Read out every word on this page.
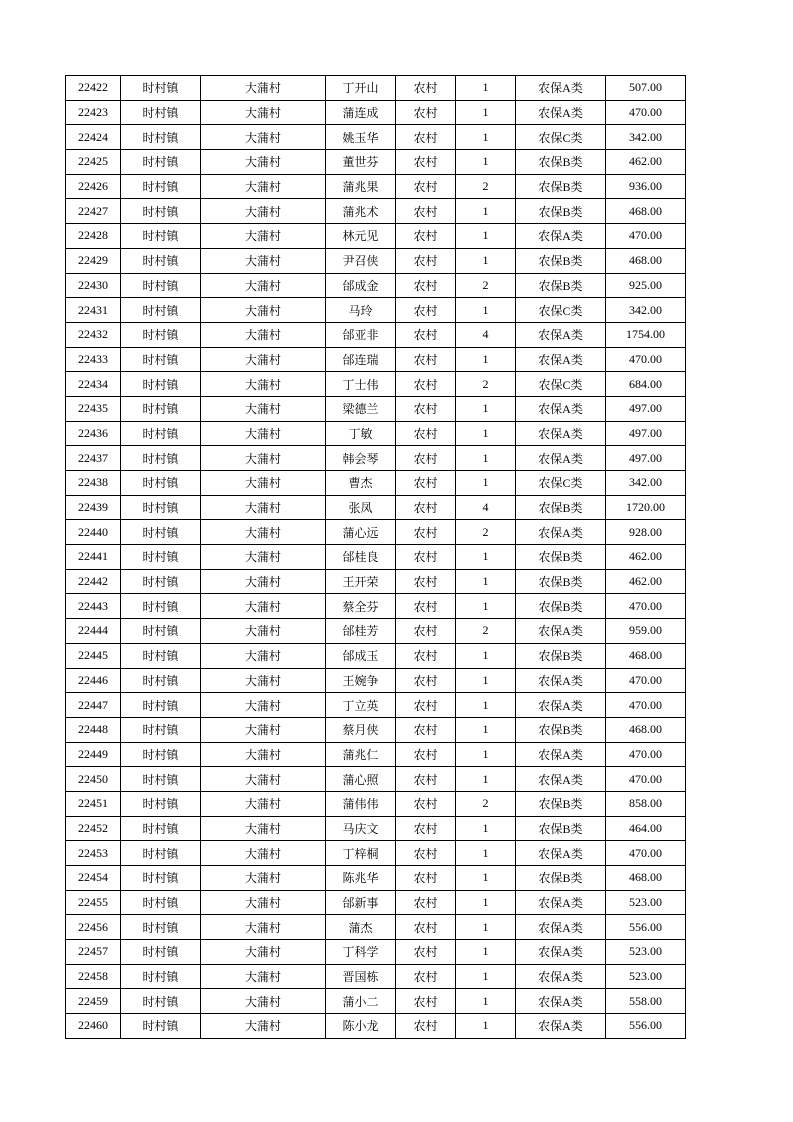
22422	时村镇	大蒲村	丁开山	农村	1	农保A类	507.00
22423	时村镇	大蒲村	蒲连成	农村	1	农保A类	470.00
22424	时村镇	大蒲村	姚玉华	农村	1	农保C类	342.00
22425	时村镇	大蒲村	董世芬	农村	1	农保B类	462.00
22426	时村镇	大蒲村	蒲兆果	农村	2	农保B类	936.00
22427	时村镇	大蒲村	蒲兆术	农村	1	农保B类	468.00
22428	时村镇	大蒲村	林元见	农村	1	农保A类	470.00
22429	时村镇	大蒲村	尹召侠	农村	1	农保B类	468.00
22430	时村镇	大蒲村	邰成金	农村	2	农保B类	925.00
22431	时村镇	大蒲村	马玲	农村	1	农保C类	342.00
22432	时村镇	大蒲村	邰亚非	农村	4	农保A类	1754.00
22433	时村镇	大蒲村	邰连瑞	农村	1	农保A类	470.00
22434	时村镇	大蒲村	丁士伟	农村	2	农保C类	684.00
22435	时村镇	大蒲村	梁德兰	农村	1	农保A类	497.00
22436	时村镇	大蒲村	丁敏	农村	1	农保A类	497.00
22437	时村镇	大蒲村	韩会琴	农村	1	农保A类	497.00
22438	时村镇	大蒲村	曹杰	农村	1	农保C类	342.00
22439	时村镇	大蒲村	张凤	农村	4	农保B类	1720.00
22440	时村镇	大蒲村	蒲心远	农村	2	农保A类	928.00
22441	时村镇	大蒲村	邰桂良	农村	1	农保B类	462.00
22442	时村镇	大蒲村	王开荣	农村	1	农保B类	462.00
22443	时村镇	大蒲村	蔡全芬	农村	1	农保B类	470.00
22444	时村镇	大蒲村	邰桂芳	农村	2	农保A类	959.00
22445	时村镇	大蒲村	邰成玉	农村	1	农保B类	468.00
22446	时村镇	大蒲村	王婉争	农村	1	农保A类	470.00
22447	时村镇	大蒲村	丁立英	农村	1	农保A类	470.00
22448	时村镇	大蒲村	蔡月侠	农村	1	农保B类	468.00
22449	时村镇	大蒲村	蒲兆仁	农村	1	农保A类	470.00
22450	时村镇	大蒲村	蒲心照	农村	1	农保A类	470.00
22451	时村镇	大蒲村	蒲伟伟	农村	2	农保B类	858.00
22452	时村镇	大蒲村	马庆文	农村	1	农保B类	464.00
22453	时村镇	大蒲村	丁梓桐	农村	1	农保A类	470.00
22454	时村镇	大蒲村	陈兆华	农村	1	农保B类	468.00
22455	时村镇	大蒲村	邰新事	农村	1	农保A类	523.00
22456	时村镇	大蒲村	蒲杰	农村	1	农保A类	556.00
22457	时村镇	大蒲村	丁科学	农村	1	农保A类	523.00
22458	时村镇	大蒲村	晋国栋	农村	1	农保A类	523.00
22459	时村镇	大蒲村	蒲小二	农村	1	农保A类	558.00
22460	时村镇	大蒲村	陈小龙	农村	1	农保A类	556.00
